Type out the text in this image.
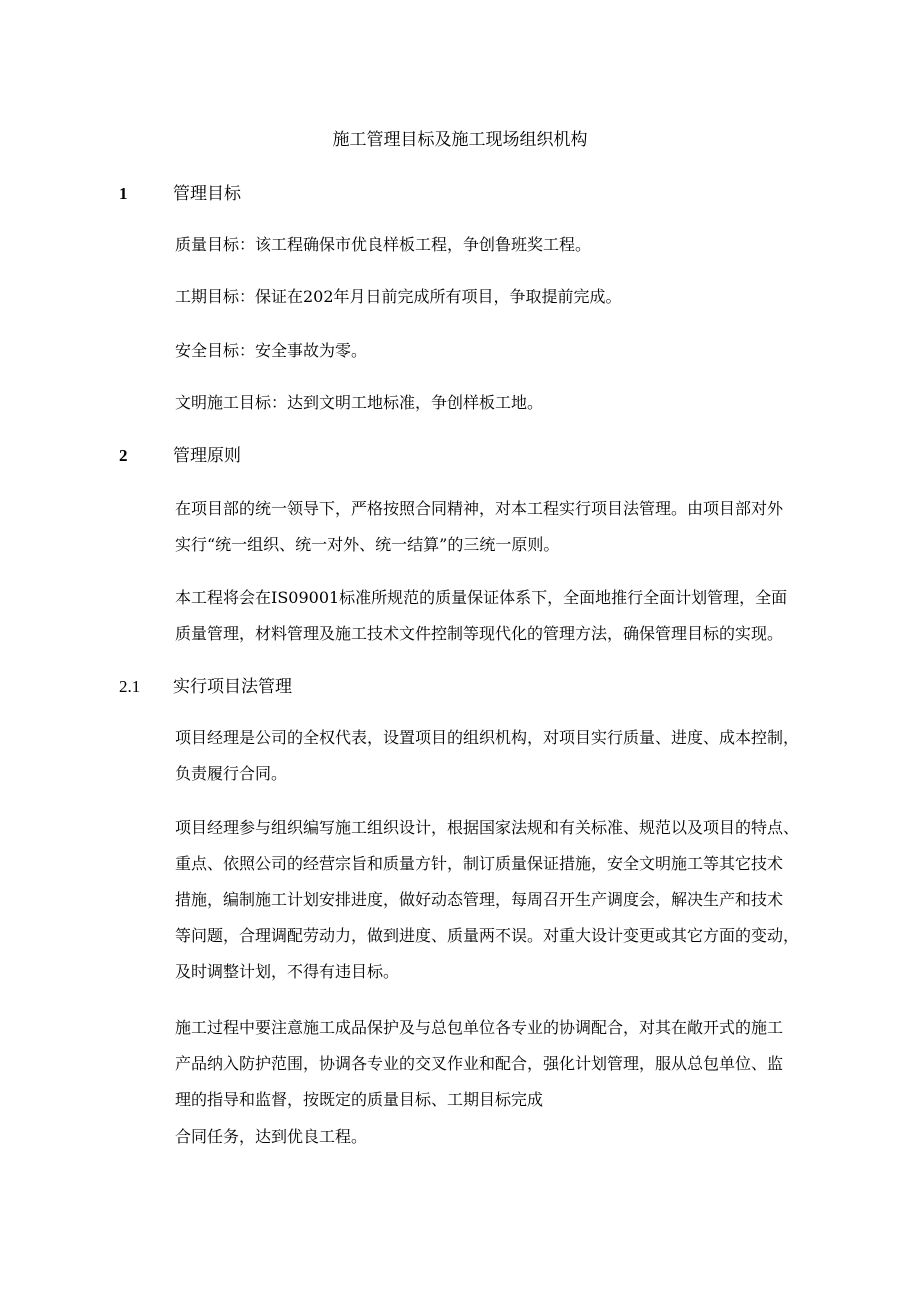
施工管理目标及施工现场组织机构
1	管理目标
质量目标：该工程确保市优良样板工程，争创鲁班奖工程。
工期目标：保证在202年月日前完成所有项目，争取提前完成。
安全目标：安全事故为零。
文明施工目标：达到文明工地标准，争创样板工地。
2	管理原则
在项目部的统一领导下，严格按照合同精神，对本工程实行项目法管理。由项目部对外
实行“统一组织、统一对外、统一结算”的三统一原则。
本工程将会在IS09001标准所规范的质量保证体系下，全面地推行全面计划管理，全面
质量管理，材料管理及施工技术文件控制等现代化的管理方法，确保管理目标的实现。
2.1 实行项目法管理
项目经理是公司的全权代表，设置项目的组织机构，对项目实行质量、进度、成本控制，
负责履行合同。
项目经理参与组织编写施工组织设计，根据国家法规和有关标准、规范以及项目的特点、
重点、依照公司的经营宗旨和质量方针，制订质量保证措施，安全文明施工等其它技术
措施，编制施工计划安排进度，做好动态管理，每周召开生产调度会，解决生产和技术
等问题，合理调配劳动力，做到进度、质量两不误。对重大设计变更或其它方面的变动，
及时调整计划，不得有违目标。
施工过程中要注意施工成品保护及与总包单位各专业的协调配合，对其在敞开式的施工
产品纳入防护范围，协调各专业的交叉作业和配合，强化计划管理，服从总包单位、监
理的指导和监督，按既定的质量目标、工期目标完成
合同任务，达到优良工程。
